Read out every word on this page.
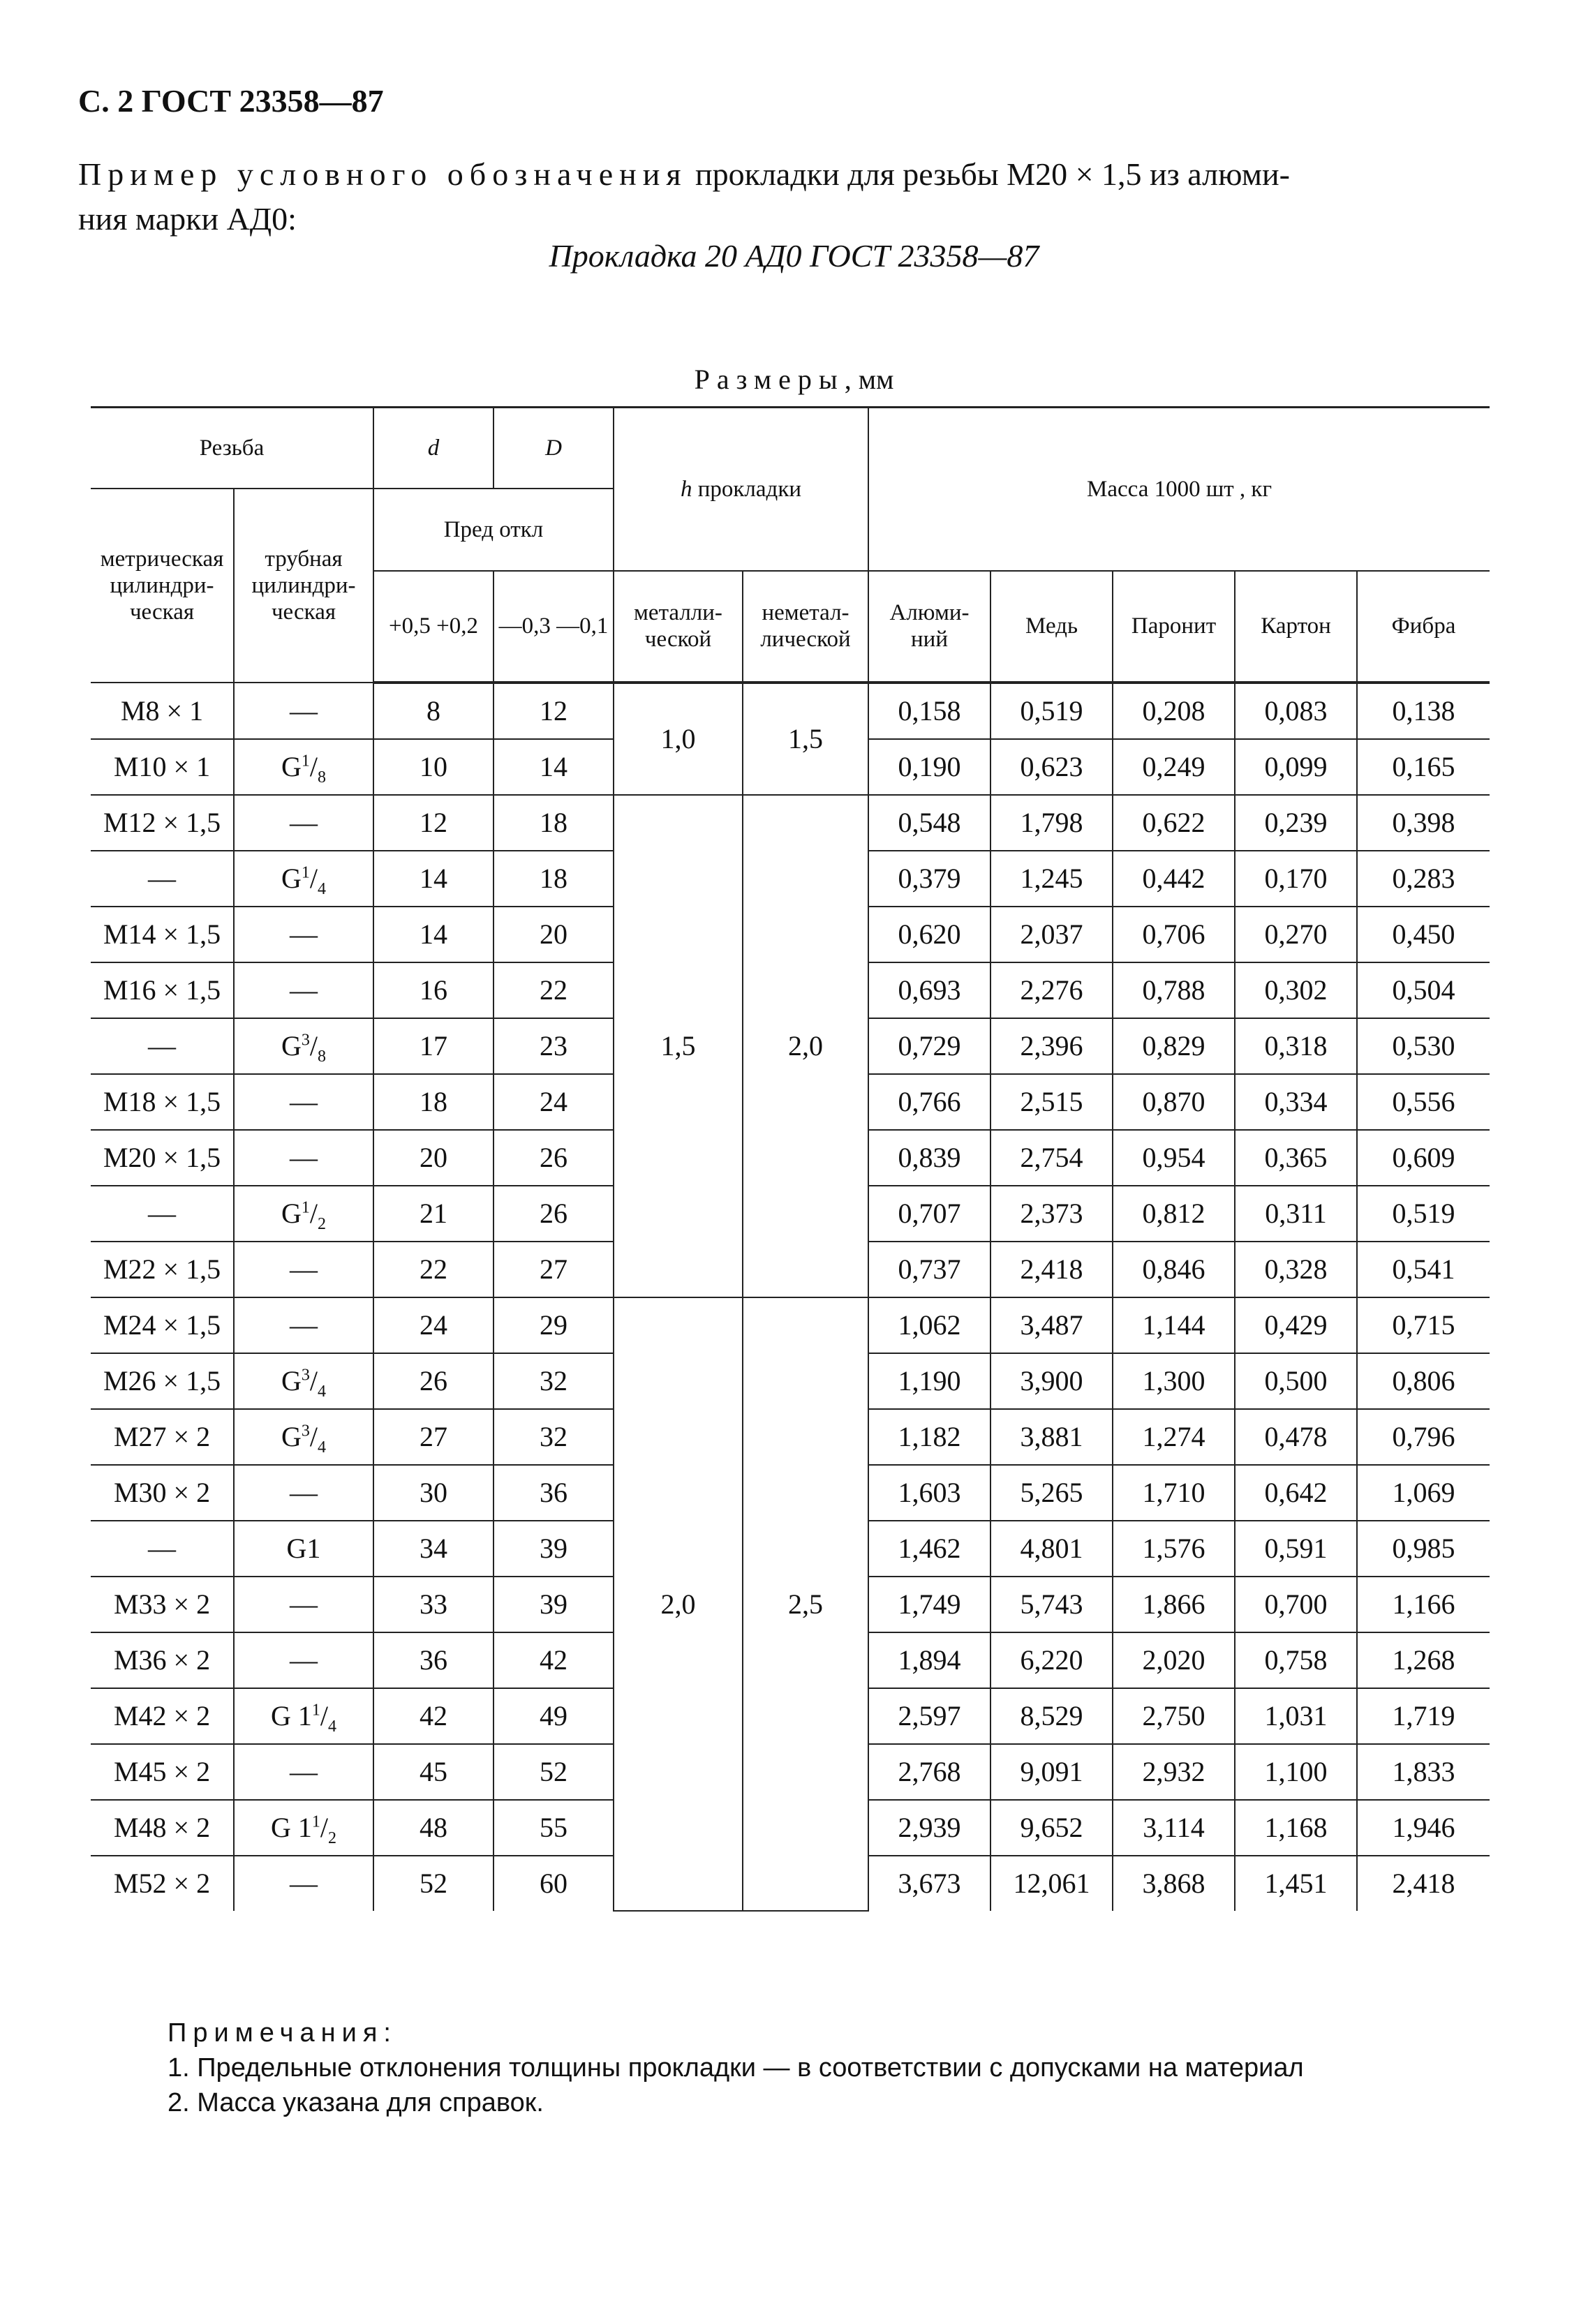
С. 2 ГОСТ 23358—87
Пример условного обозначения прокладки для резьбы M20 × 1,5 из алюми-
ния марки АД0:
Прокладка 20 АД0 ГОСТ 23358—87
Размеры, мм
Резьба		d	D	h прокладки		Масса 1000 шт , кг				
метрическая цилиндри-ческая	трубная цилиндри-ческая	Пред откл								
		+0,5 +0,2	—0,3 —0,1	металли-ческой	неметал-лической	Алюми-ний	Медь	Паронит	Картон	Фибра
M8 × 1	—	8	12	1,0	1,5	0,158	0,519	0,208	0,083	0,138
M10 × 1	$G^1/_8$	10	14			0,190	0,623	0,249	0,099	0,165
M12 × 1,5	—	12	18	1,5	2,0	0,548	1,798	0,622	0,239	0,398
—	$G^1/_4$	14	18			0,379	1,245	0,442	0,170	0,283
M14 × 1,5	—	14	20			0,620	2,037	0,706	0,270	0,450
M16 × 1,5	—	16	22			0,693	2,276	0,788	0,302	0,504
—	$G^3/_8$	17	23			0,729	2,396	0,829	0,318	0,530
M18 × 1,5	—	18	24			0,766	2,515	0,870	0,334	0,556
M20 × 1,5	—	20	26			0,839	2,754	0,954	0,365	0,609
—	$G^1/_2$	21	26			0,707	2,373	0,812	0,311	0,519
M22 × 1,5	—	22	27			0,737	2,418	0,846	0,328	0,541
M24 × 1,5	—	24	29	2,0	2,5	1,062	3,487	1,144	0,429	0,715
M26 × 1,5	$G^3/_4$	26	32			1,190	3,900	1,300	0,500	0,806
M27 × 2	$G^3/_4$	27	32			1,182	3,881	1,274	0,478	0,796
M30 × 2	—	30	36			1,603	5,265	1,710	0,642	1,069
—	G1	34	39			1,462	4,801	1,576	0,591	0,985
M33 × 2	—	33	39			1,749	5,743	1,866	0,700	1,166
M36 × 2	—	36	42			1,894	6,220	2,020	0,758	1,268
M42 × 2	G $1^1/_4$	42	49			2,597	8,529	2,750	1,031	1,719
M45 × 2	—	45	52			2,768	9,091	2,932	1,100	1,833
M48 × 2	G $1^1/_2$	48	55			2,939	9,652	3,114	1,168	1,946
M52 × 2	—	52	60			3,673	12,061	3,868	1,451	2,418
Примечания:
1. Предельные отклонения толщины прокладки — в соответствии с допусками на материал
2. Масса указана для справок.
